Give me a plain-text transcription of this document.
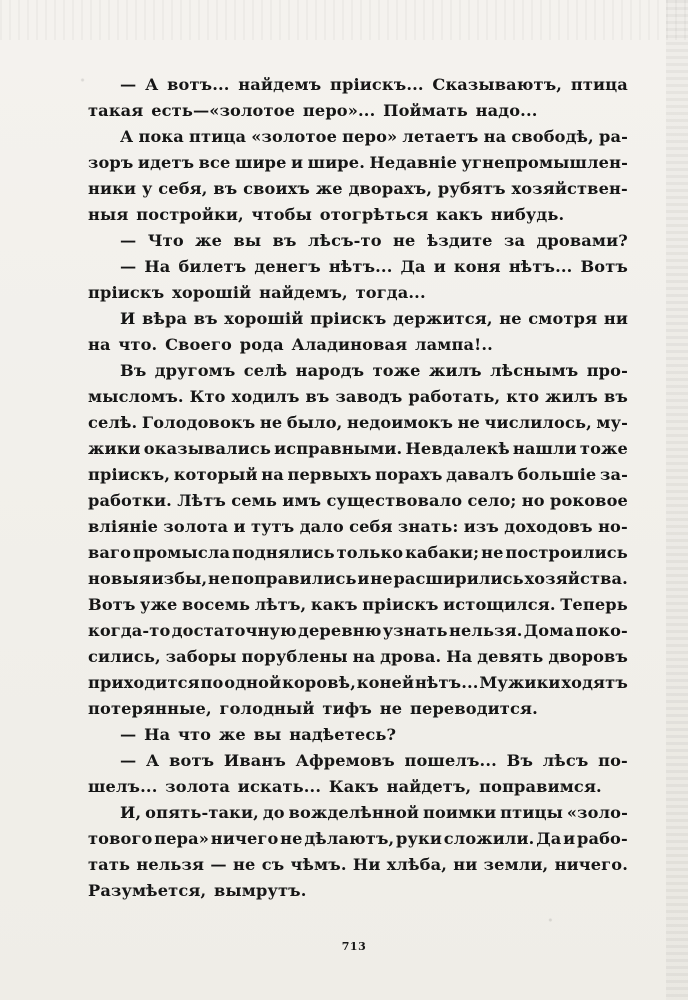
— А вотъ... найдемъ пріискъ... Сказываютъ, птица
такая есть—«золотое перо»... Поймать надо...
А пока птица «золотое перо» летаетъ на свободѣ, ра-
зоръ идетъ все шире и шире. Недавніе угнепромышлен-
ники у себя, въ своихъ же дворахъ, рубятъ хозяйствен-
ныя постройки, чтобы отогрѣться какъ нибудь.
— Что же вы въ лѣсъ-то не ѣздите за дровами?
— На билетъ денегъ нѣтъ... Да и коня нѣтъ... Вотъ
пріискъ хорошій найдемъ, тогда...
И вѣра въ хорошій пріискъ держится, не смотря ни
на что. Своего рода Аладиновая лампа!..
Въ другомъ селѣ народъ тоже жилъ лѣснымъ про-
мысломъ. Кто ходилъ въ заводъ работать, кто жилъ въ
селѣ. Голодовокъ не было, недоимокъ не числилось, му-
жики оказывались исправными. Невдалекѣ нашли тоже
пріискъ, который на первыхъ порахъ давалъ большіе за-
работки. Лѣтъ семь имъ существовало село; но роковое
вліяніе золота и тутъ дало себя знать: изъ доходовъ но-
ваго промысла поднялись только кабаки; не построились
новыя избы, не поправились и не расширились хозяйства.
Вотъ уже восемь лѣтъ, какъ пріискъ истощился. Теперь
когда-то достаточную деревню узнать нельзя. Дома поко-
сились, заборы порублены на дрова. На девять дворовъ
приходится по одной коровѣ, коней нѣтъ... Мужики ходятъ
потерянные, голодный тифъ не переводится.
— На что же вы надѣетесь?
— А вотъ Иванъ Афремовъ пошелъ... Въ лѣсъ по-
шелъ... золота искать... Какъ найдетъ, поправимся.
И, опять-таки, до вожделѣнной поимки птицы «золо-
тового пера» ничего не дѣлаютъ, руки сложили. Да и рабо-
тать нельзя — не съ чѣмъ. Ни хлѣба, ни земли, ничего.
Разумѣется, вымрутъ.
713
